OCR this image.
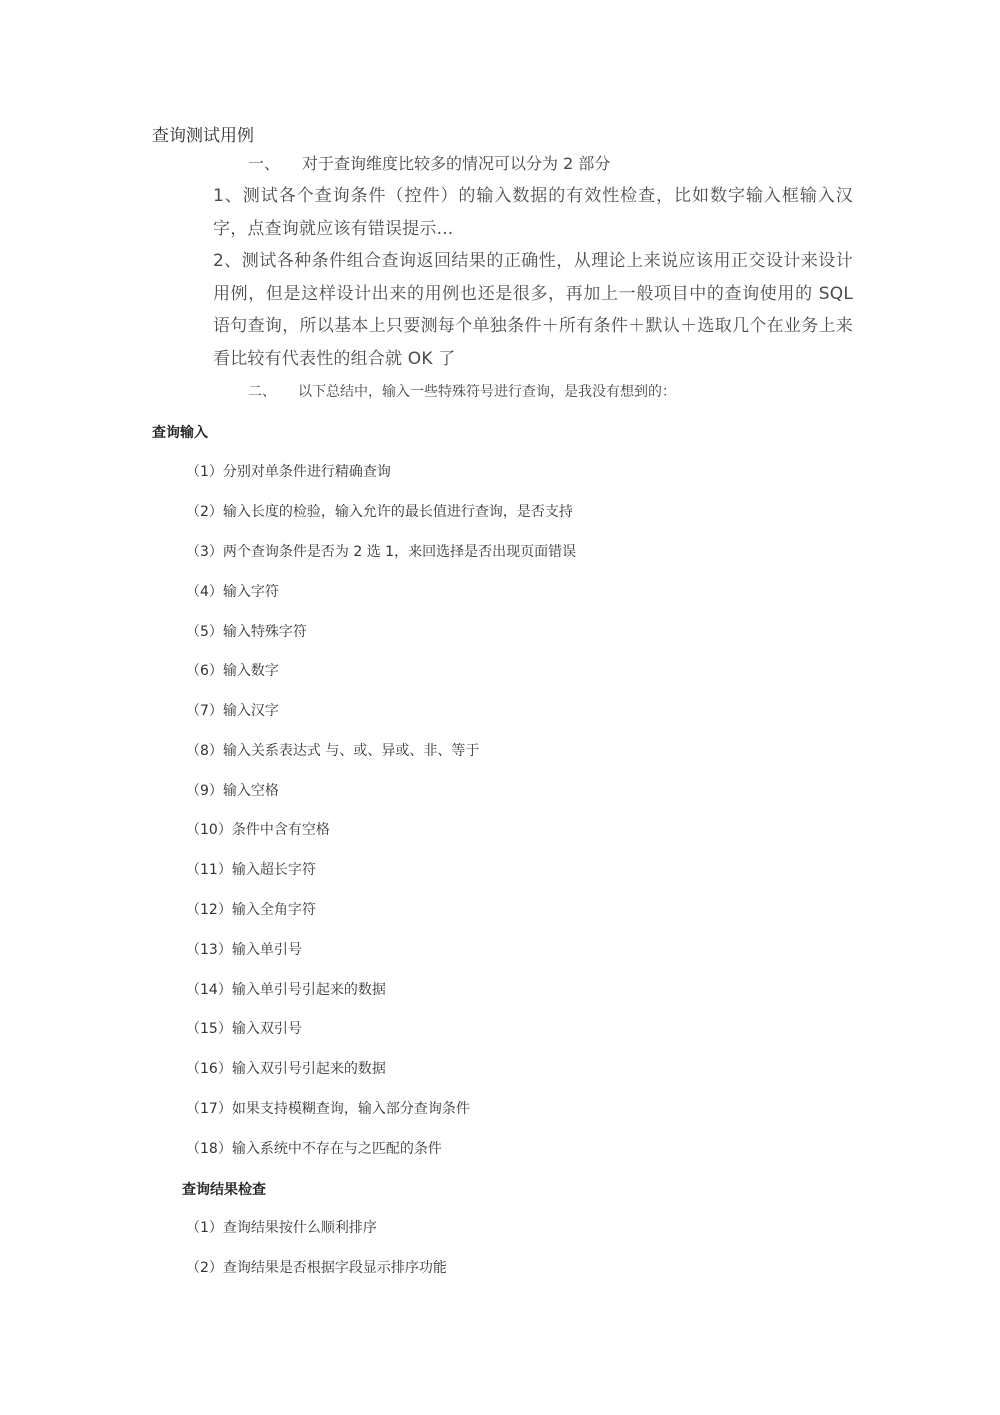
查询测试用例
一、 对于查询维度比较多的情况可以分为 2 部分
1、测试各个查询条件（控件）的输入数据的有效性检查，比如数字输入框输入汉字，点查询就应该有错误提示...
2、测试各种条件组合查询返回结果的正确性，从理论上来说应该用正交设计来设计用例，但是这样设计出来的用例也还是很多，再加上一般项目中的查询使用的 SQL 语句查询，所以基本上只要测每个单独条件＋所有条件＋默认＋选取几个在业务上来看比较有代表性的组合就 OK 了
二、 以下总结中，输入一些特殊符号进行查询，是我没有想到的：
查询输入
（1）分别对单条件进行精确查询
（2）输入长度的检验，输入允许的最长值进行查询，是否支持
（3）两个查询条件是否为 2 选 1，来回选择是否出现页面错误
（4）输入字符
（5）输入特殊字符
（6）输入数字
（7）输入汉字
（8）输入关系表达式 与、或、异或、非、等于
（9）输入空格
（10）条件中含有空格
（11）输入超长字符
（12）输入全角字符
（13）输入单引号
（14）输入单引号引起来的数据
（15）输入双引号
（16）输入双引号引起来的数据
（17）如果支持模糊查询，输入部分查询条件
（18）输入系统中不存在与之匹配的条件
查询结果检查
（1）查询结果按什么顺利排序
（2）查询结果是否根据字段显示排序功能
